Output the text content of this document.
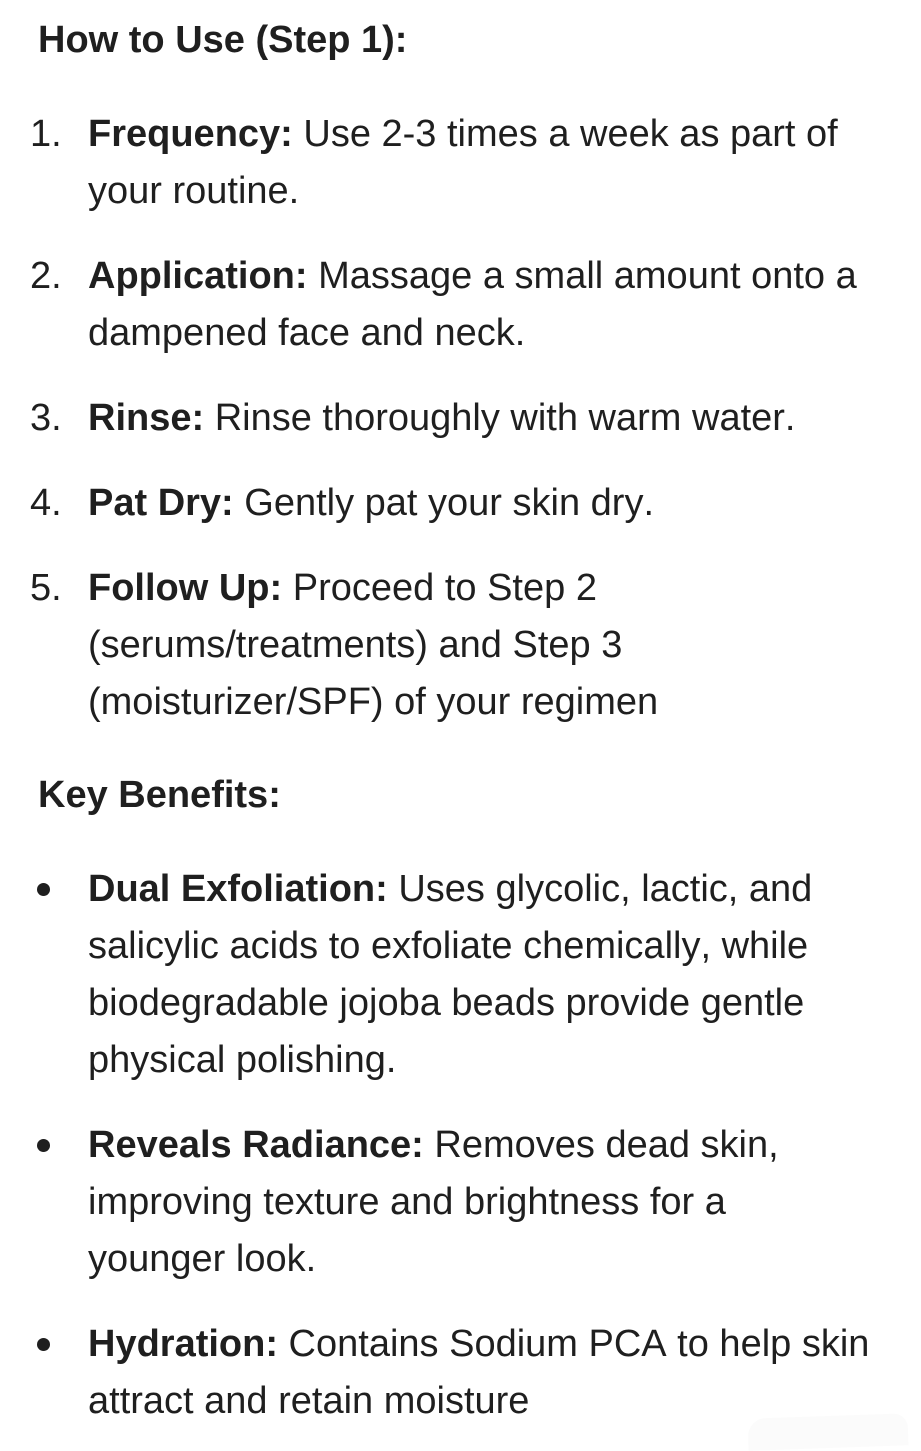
How to Use (Step 1):
1. Frequency: Use 2-3 times a week as part of your routine.
2. Application: Massage a small amount onto a dampened face and neck.
3. Rinse: Rinse thoroughly with warm water.
4. Pat Dry: Gently pat your skin dry.
5. Follow Up: Proceed to Step 2 (serums/treatments) and Step 3 (moisturizer/SPF) of your regimen
Key Benefits:
Dual Exfoliation: Uses glycolic, lactic, and salicylic acids to exfoliate chemically, while biodegradable jojoba beads provide gentle physical polishing.
Reveals Radiance: Removes dead skin, improving texture and brightness for a younger look.
Hydration: Contains Sodium PCA to help skin attract and retain moisture
